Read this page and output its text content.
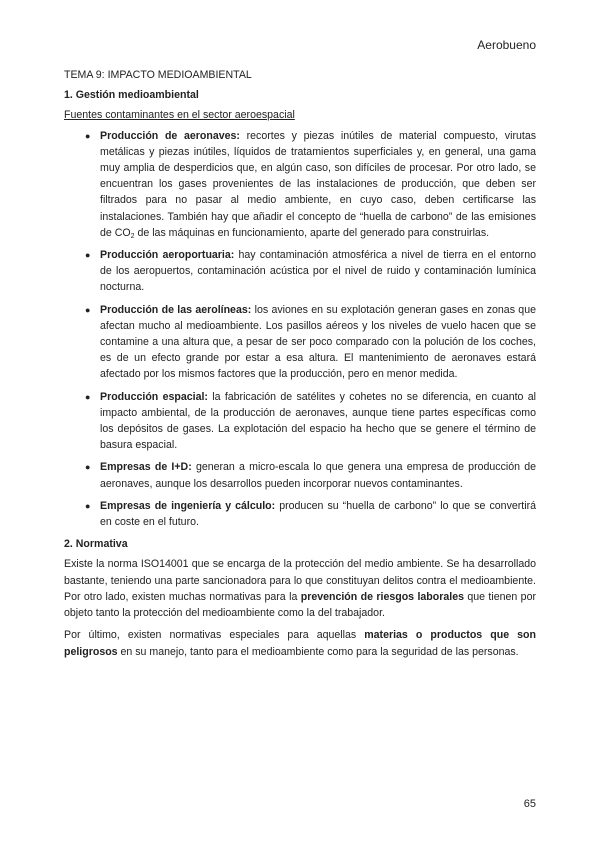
Aerobueno
TEMA 9: IMPACTO MEDIOAMBIENTAL
1. Gestión medioambiental
Fuentes contaminantes en el sector aeroespacial
● Producción de aeronaves: recortes y piezas inútiles de material compuesto, virutas metálicas y piezas inútiles, líquidos de tratamientos superficiales y, en general, una gama muy amplia de desperdicios que, en algún caso, son difíciles de procesar. Por otro lado, se encuentran los gases provenientes de las instalaciones de producción, que deben ser filtrados para no pasar al medio ambiente, en cuyo caso, deben certificarse las instalaciones. También hay que añadir el concepto de “huella de carbono” de las emisiones de $CO_2$ de las máquinas en funcionamiento, aparte del generado para construirlas.
● Producción aeroportuaria: hay contaminación atmosférica a nivel de tierra en el entorno de los aeropuertos, contaminación acústica por el nivel de ruido y contaminación lumínica nocturna.
● Producción de las aerolíneas: los aviones en su explotación generan gases en zonas que afectan mucho al medioambiente. Los pasillos aéreos y los niveles de vuelo hacen que se contamine a una altura que, a pesar de ser poco comparado con la polución de los coches, es de un efecto grande por estar a esa altura. El mantenimiento de aeronaves estará afectado por los mismos factores que la producción, pero en menor medida.
● Producción espacial: la fabricación de satélites y cohetes no se diferencia, en cuanto al impacto ambiental, de la producción de aeronaves, aunque tiene partes específicas como los depósitos de gases. La explotación del espacio ha hecho que se genere el término de basura espacial.
● Empresas de I+D: generan a micro-escala lo que genera una empresa de producción de aeronaves, aunque los desarrollos pueden incorporar nuevos contaminantes.
● Empresas de ingeniería y cálculo: producen su “huella de carbono” lo que se convertirá en coste en el futuro.
2. Normativa

Existe la norma ISO14001 que se encarga de la protección del medio ambiente. Se ha desarrollado bastante, teniendo una parte sancionadora para lo que constituyan delitos contra el medioambiente. Por otro lado, existen muchas normativas para la prevención de riesgos laborales que tienen por objeto tanto la protección del medioambiente como la del trabajador.

Por último, existen normativas especiales para aquellas materias o productos que son peligrosos en su manejo, tanto para el medioambiente como para la seguridad de las personas.

65
